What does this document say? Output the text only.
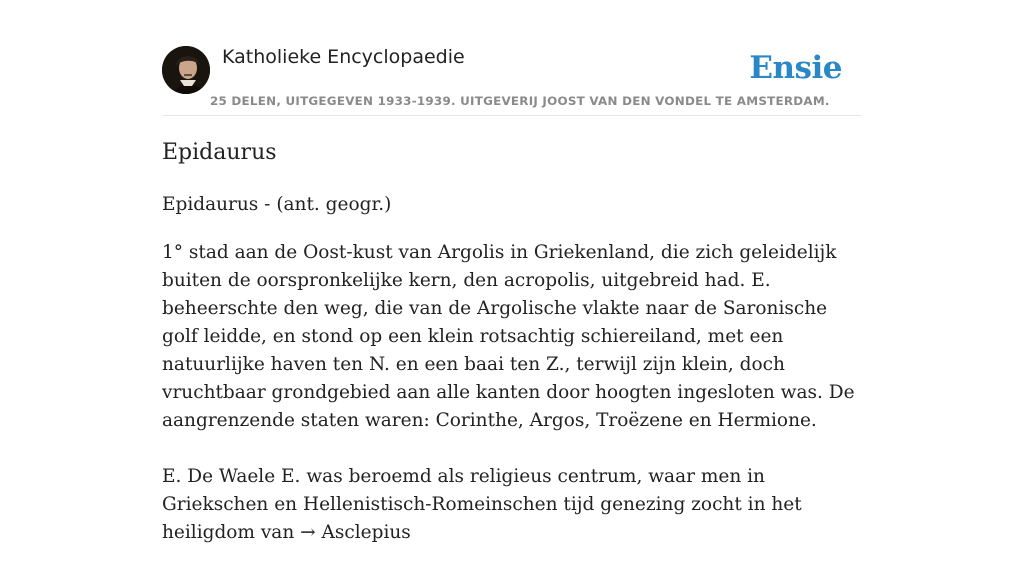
Katholieke Encyclopaedie
25 DELEN, UITGEGEVEN 1933-1939. UITGEVERIJ JOOST VAN DEN VONDEL TE AMSTERDAM.
Ensie
Epidaurus
Epidaurus - (ant. geogr.)

1° stad aan de Oost-kust van Argolis in Griekenland, die zich geleidelijk buiten de oorspronkelijke kern, den acropolis, uitgebreid had. E. beheerschte den weg, die van de Argolische vlakte naar de Saronische golf leidde, en stond op een klein rotsachtig schiereiland, met een natuurlijke haven ten N. en een baai ten Z., terwijl zijn klein, doch vruchtbaar grondgebied aan alle kanten door hoogten ingesloten was. De aangrenzende staten waren: Corinthe, Argos, Troëzene en Hermione.

E. De Waele E. was beroemd als religieus centrum, waar men in Griekschen en Hellenistisch-Romeinschen tijd genezing zocht in het heiligdom van → Asclepius
